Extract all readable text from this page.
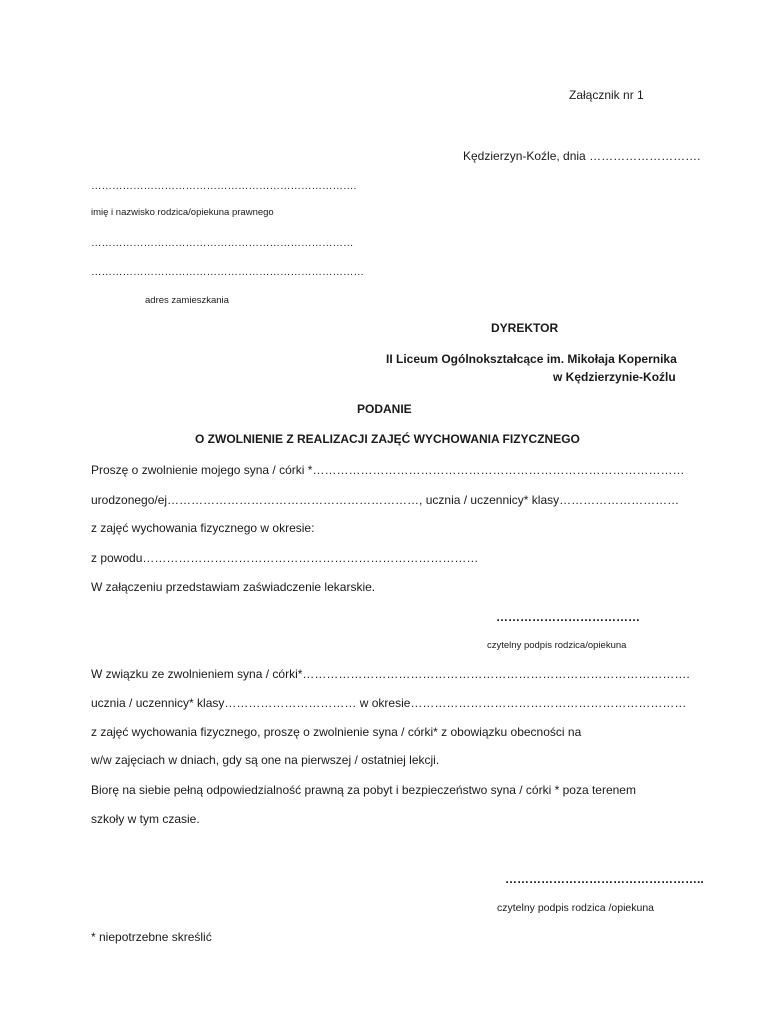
Załącznik nr 1
Kędzierzyn-Koźle, dnia ……………………….
………………………………………………………………….
imię i nazwisko rodzica/opiekuna prawnego
…………………………………………………………………
……………………………………………………………………
adres zamieszkania
DYREKTOR
II Liceum Ogólnokształcące im. Mikołaja Kopernika
w Kędzierzynie-Koźlu
PODANIE
O ZWOLNIENIE Z REALIZACJI ZAJĘĆ WYCHOWANIA FIZYCZNEGO
Proszę o zwolnienie mojego syna / córki *…………………………………………………………………………………
urodzonego/ej………………………………………………………, ucznia / uczennicy* klasy…………………………
z zajęć wychowania fizycznego w okresie:
z powodu…………………………………………………………………………
W załączeniu przedstawiam zaświadczenie lekarskie.
………………………………
czytelny podpis rodzica/opiekuna
W związku ze zwolnieniem syna / córki*…………………………………………………………………………………….
ucznia / uczennicy* klasy…………………………… w okresie……………………………………………………………
z zajęć wychowania fizycznego, proszę o zwolnienie syna / córki* z obowiązku obecności na
w/w zajęciach w dniach, gdy są one na pierwszej / ostatniej lekcji.
Biorę na siebie pełną odpowiedzialność prawną za pobyt i bezpieczeństwo syna / córki * poza terenem
szkoły w tym czasie.
…………………………………………..
czytelny podpis rodzica /opiekuna
* niepotrzebne skreślić
